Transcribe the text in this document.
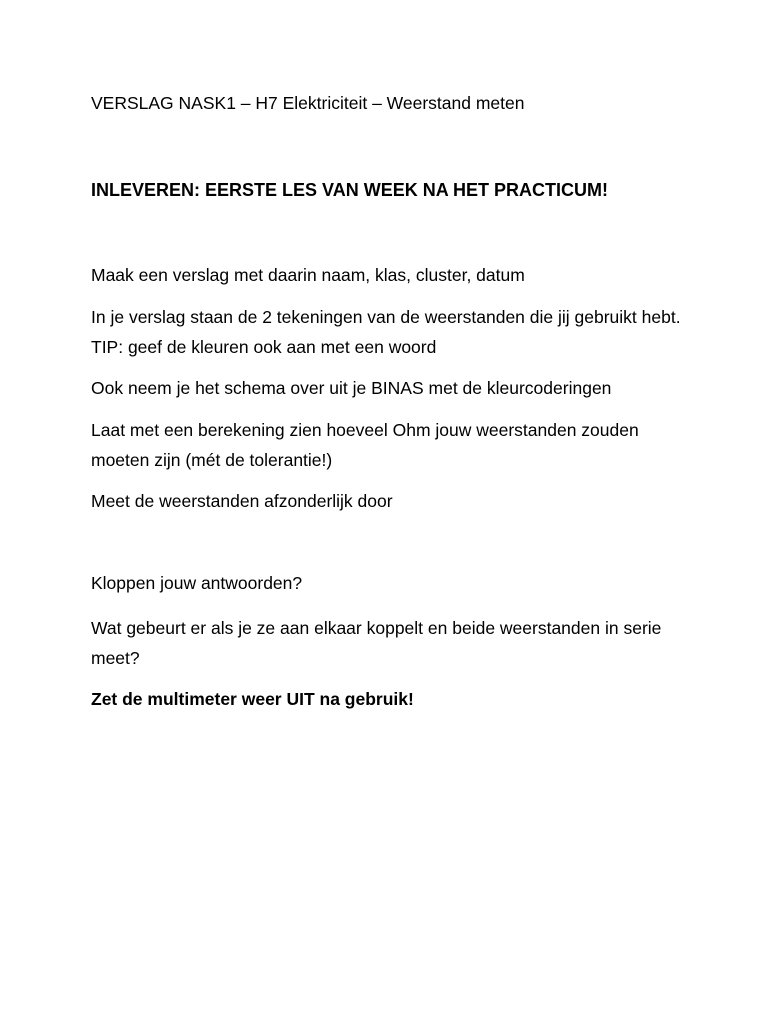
VERSLAG NASK1 – H7 Elektriciteit – Weerstand meten

INLEVEREN: EERSTE LES VAN WEEK NA HET PRACTICUM!

Maak een verslag met daarin naam, klas, cluster, datum

In je verslag staan de 2 tekeningen van de weerstanden die jij gebruikt hebt. TIP: geef de kleuren ook aan met een woord

Ook neem je het schema over uit je BINAS met de kleurcoderingen

Laat met een berekening zien hoeveel Ohm jouw weerstanden zouden moeten zijn (mét de tolerantie!)

Meet de weerstanden afzonderlijk door

Kloppen jouw antwoorden?

Wat gebeurt er als je ze aan elkaar koppelt en beide weerstanden in serie meet?

Zet de multimeter weer UIT na gebruik!
